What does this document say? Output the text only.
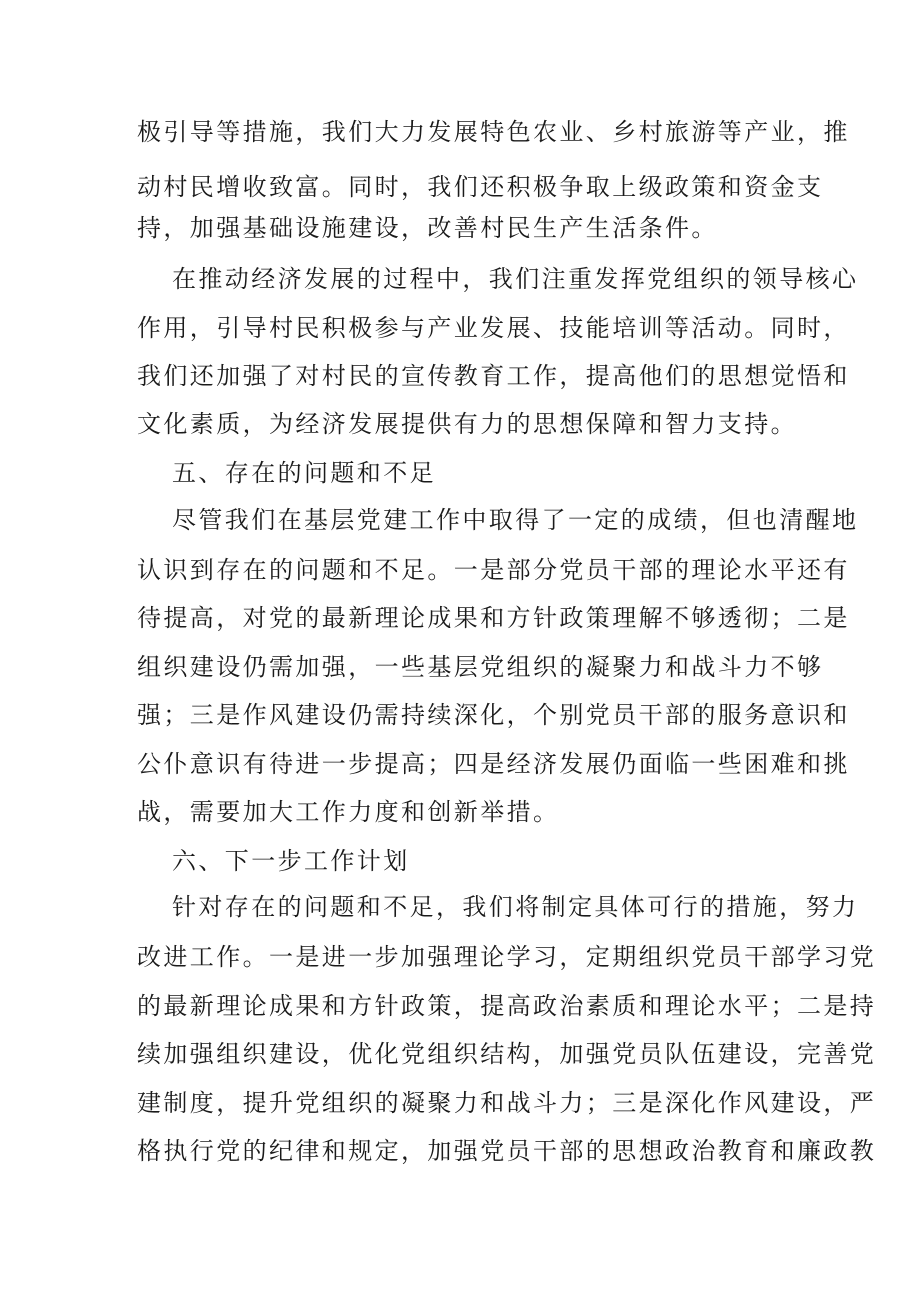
极引导等措施，我们大力发展特色农业、乡村旅游等产业，推
动村民增收致富。同时，我们还积极争取上级政策和资金支
持，加强基础设施建设，改善村民生产生活条件。
在推动经济发展的过程中，我们注重发挥党组织的领导核心
作用，引导村民积极参与产业发展、技能培训等活动。同时，
我们还加强了对村民的宣传教育工作，提高他们的思想觉悟和
文化素质，为经济发展提供有力的思想保障和智力支持。
五、存在的问题和不足
尽管我们在基层党建工作中取得了一定的成绩，但也清醒地
认识到存在的问题和不足。一是部分党员干部的理论水平还有
待提高，对党的最新理论成果和方针政策理解不够透彻；二是
组织建设仍需加强，一些基层党组织的凝聚力和战斗力不够
强；三是作风建设仍需持续深化，个别党员干部的服务意识和
公仆意识有待进一步提高；四是经济发展仍面临一些困难和挑
战，需要加大工作力度和创新举措。
六、下一步工作计划
针对存在的问题和不足，我们将制定具体可行的措施，努力
改进工作。一是进一步加强理论学习，定期组织党员干部学习党
的最新理论成果和方针政策，提高政治素质和理论水平；二是持
续加强组织建设，优化党组织结构，加强党员队伍建设，完善党
建制度，提升党组织的凝聚力和战斗力；三是深化作风建设，严
格执行党的纪律和规定，加强党员干部的思想政治教育和廉政教
